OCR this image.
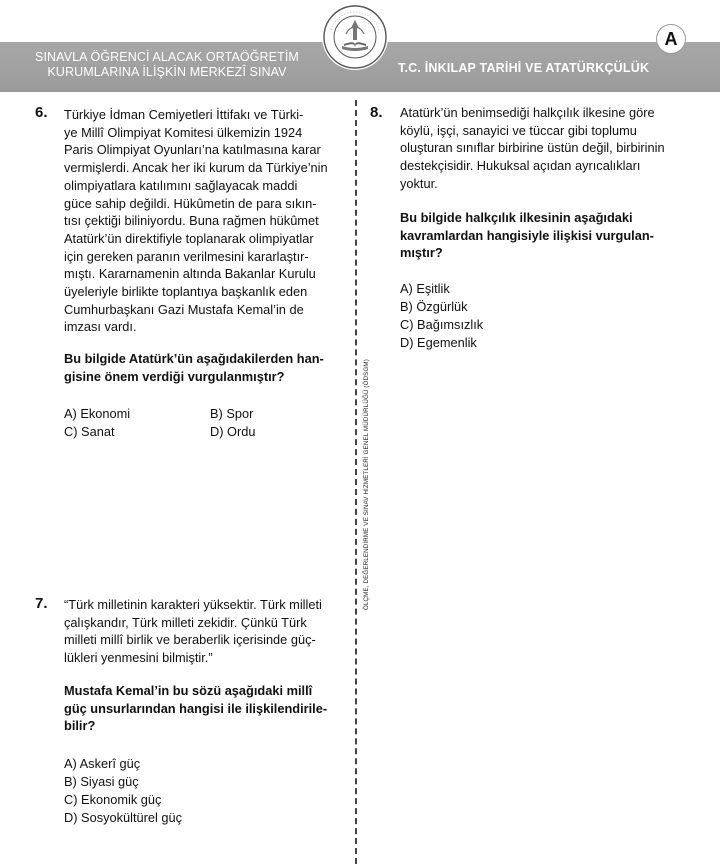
SINAVLA ÖĞRENCİ ALACAK ORTAÖĞRETİM
KURUMLARINA İLİŞKİN MERKEZÎ SINAV	T.C. İNKILAP TARİHİ VE ATATÜRKÇÜLÜK
A
ÖLÇME, DEĞERLENDİRME VE SINAV HİZMETLERİ GENEL MÜDÜRLÜĞÜ (ÖDSGM)
6. Türkiye İdman Cemiyetleri İttifakı ve Türki-

ye Millî Olimpiyat Komitesi ülkemizin 1924

Paris Olimpiyat Oyunları’na katılmasına karar

vermişlerdi. Ancak her iki kurum da Türkiye’nin

olimpiyatlara katılımını sağlayacak maddi

güce sahip değildi. Hükûmetin de para sıkın-

tısı çektiği biliniyordu. Buna rağmen hükûmet

Atatürk’ün direktifiyle toplanarak olimpiyatlar

için gereken paranın verilmesini kararlaştır-

mıştı. Kararnamenin altında Bakanlar Kurulu

üyeleriyle birlikte toplantıya başkanlık eden

Cumhurbaşkanı Gazi Mustafa Kemal’in de

imzası vardı.

Bu bilgide Atatürk’ün aşağıdakilerden han-

gisine önem verdiği vurgulanmıştır?

A) Ekonomi	B) Spor
C) Sanat	D) Ordu
7. “Türk milletinin karakteri yüksektir. Türk milleti

çalışkandır, Türk milleti zekidir. Çünkü Türk

milleti millî birlik ve beraberlik içerisinde güç-

lükleri yenmesini bilmiştir.”

Mustafa Kemal’in bu sözü aşağıdaki millî

güç unsurlarından hangisi ile ilişkilendirile-

bilir?

A) Askerî güç
B) Siyasi güç
C) Ekonomik güç
D) Sosyokültürel güç
8. Atatürk’ün benimsediği halkçılık ilkesine göre

köylü, işçi, sanayici ve tüccar gibi toplumu

oluşturan sınıflar birbirine üstün değil, birbirinin

destekçisidir. Hukuksal açıdan ayrıcalıkları

yoktur.

Bu bilgide halkçılık ilkesinin aşağıdaki

kavramlardan hangisiyle ilişkisi vurgulan-

mıştır?

A) Eşitlik
B) Özgürlük
C) Bağımsızlık
D) Egemenlik
